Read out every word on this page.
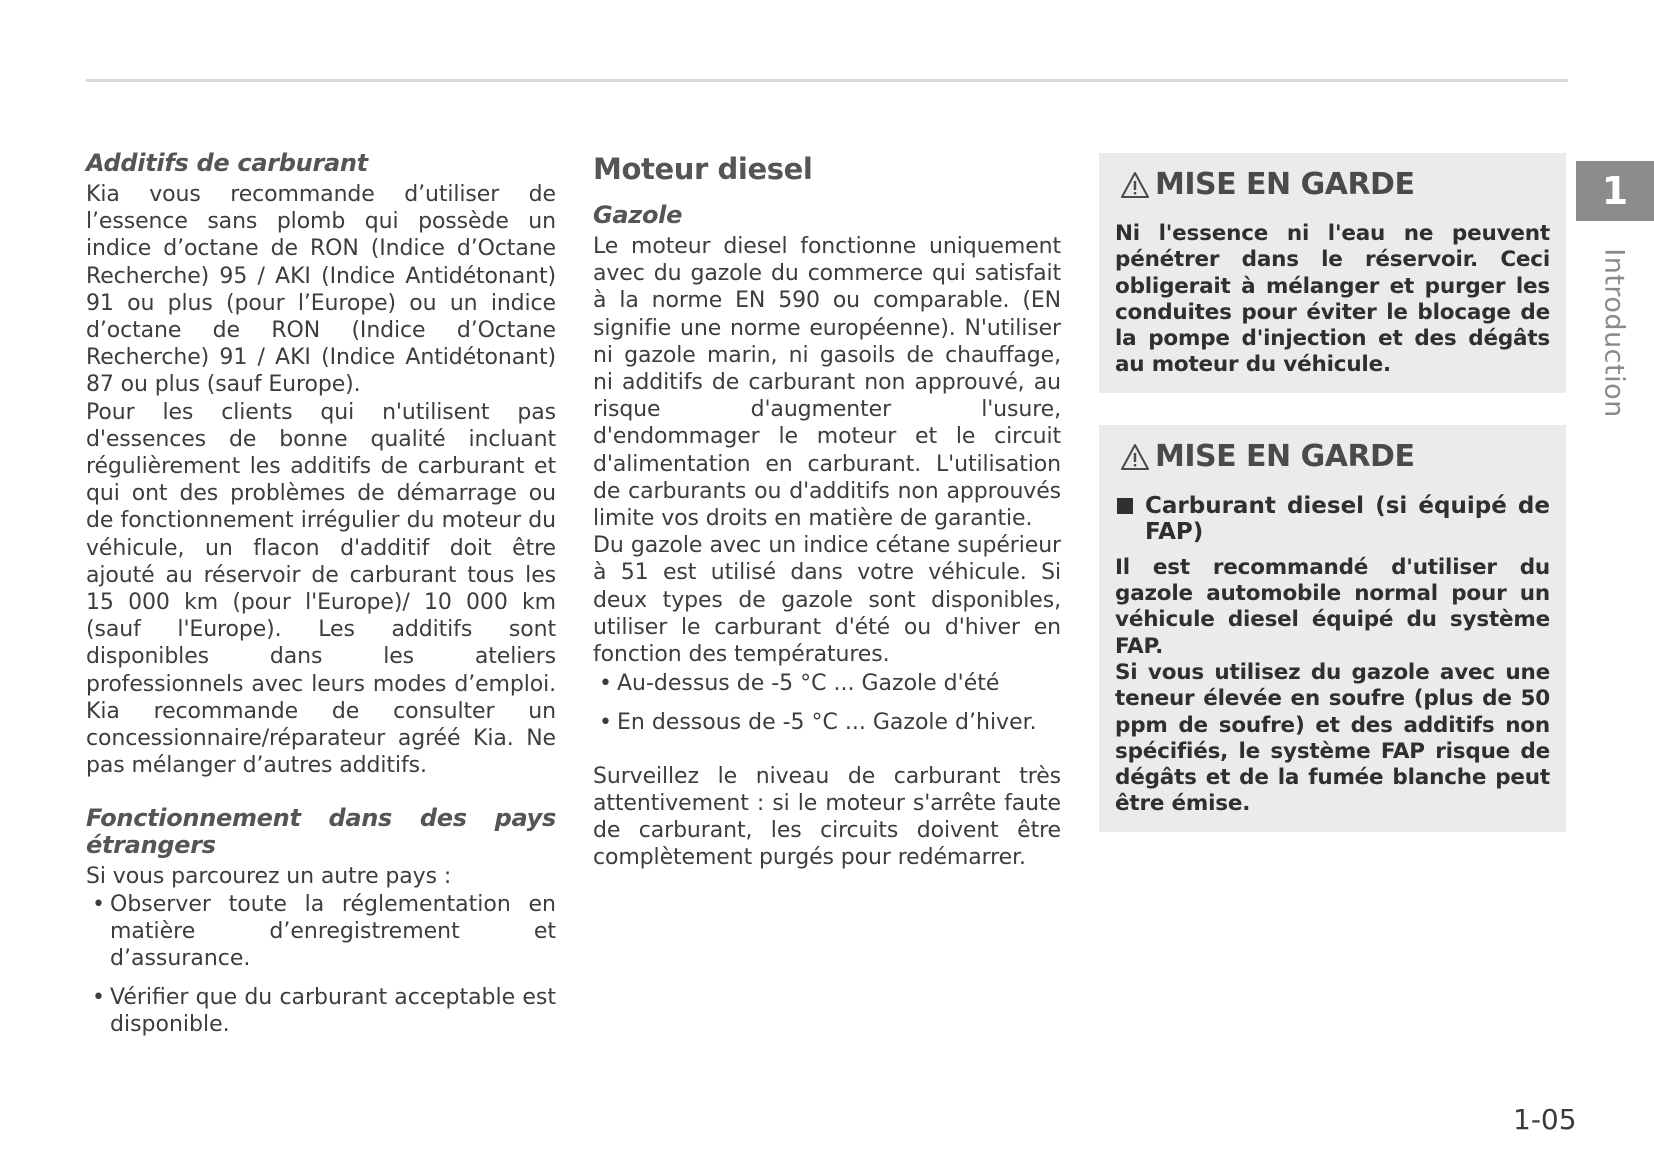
Additifs de carburant

Kia vous recommande d’utiliser de l’essence sans plomb qui possède un indice d’octane de RON (Indice d’Octane Recherche) 95 / AKI (Indice Antidétonant) 91 ou plus (pour l’Europe) ou un indice d’octane de RON (Indice d’Octane Recherche) 91 / AKI (Indice Antidétonant) 87 ou plus (sauf Europe).

Pour les clients qui n'utilisent pas d'essences de bonne qualité incluant régulièrement les additifs de carburant et qui ont des problèmes de démarrage ou de fonctionnement irrégulier du moteur du véhicule, un flacon d'additif doit être ajouté au réservoir de carburant tous les 15 000 km (pour l'Europe)/ 10 000 km (sauf l'Europe). Les additifs sont disponibles dans les ateliers professionnels avec leurs modes d’emploi. Kia recommande de consulter un concessionnaire/réparateur agréé Kia. Ne pas mélanger d’autres additifs.

Fonctionnement dans des pays étrangers

Si vous parcourez un autre pays :

• Observer toute la réglementation en matière d’enregistrement et d’assurance.
• Vérifier que du carburant acceptable est disponible.
Moteur diesel
Gazole

Le moteur diesel fonctionne uniquement avec du gazole du commerce qui satisfait à la norme EN 590 ou comparable. (EN signifie une norme européenne). N'utiliser ni gazole marin, ni gasoils de chauffage, ni additifs de carburant non approuvé, au risque d'augmenter l'usure, d'endommager le moteur et le circuit d'alimentation en carburant. L'utilisation de carburants ou d'additifs non approuvés limite vos droits en matière de garantie.

Du gazole avec un indice cétane supérieur à 51 est utilisé dans votre véhicule. Si deux types de gazole sont disponibles, utiliser le carburant d'été ou d'hiver en fonction des températures.

• Au-dessus de -5 °C ... Gazole d'été
• En dessous de -5 °C ... Gazole d’hiver.

Surveillez le niveau de carburant très attentivement : si le moteur s'arrête faute de carburant, les circuits doivent être complètement purgés pour redémarrer.

MISE EN GARDE

Ni l'essence ni l'eau ne peuvent pénétrer dans le réservoir. Ceci obligerait à mélanger et purger les conduites pour éviter le blocage de la pompe d'injection et des dégâts au moteur du véhicule.

MISE EN GARDE
Carburant diesel (si équipé de FAP)

Il est recommandé d'utiliser du gazole automobile normal pour un véhicule diesel équipé du système FAP.

Si vous utilisez du gazole avec une teneur élevée en soufre (plus de 50 ppm de soufre) et des additifs non spécifiés, le système FAP risque de dégâts et de la fumée blanche peut être émise.

1
Introduction
1-05
